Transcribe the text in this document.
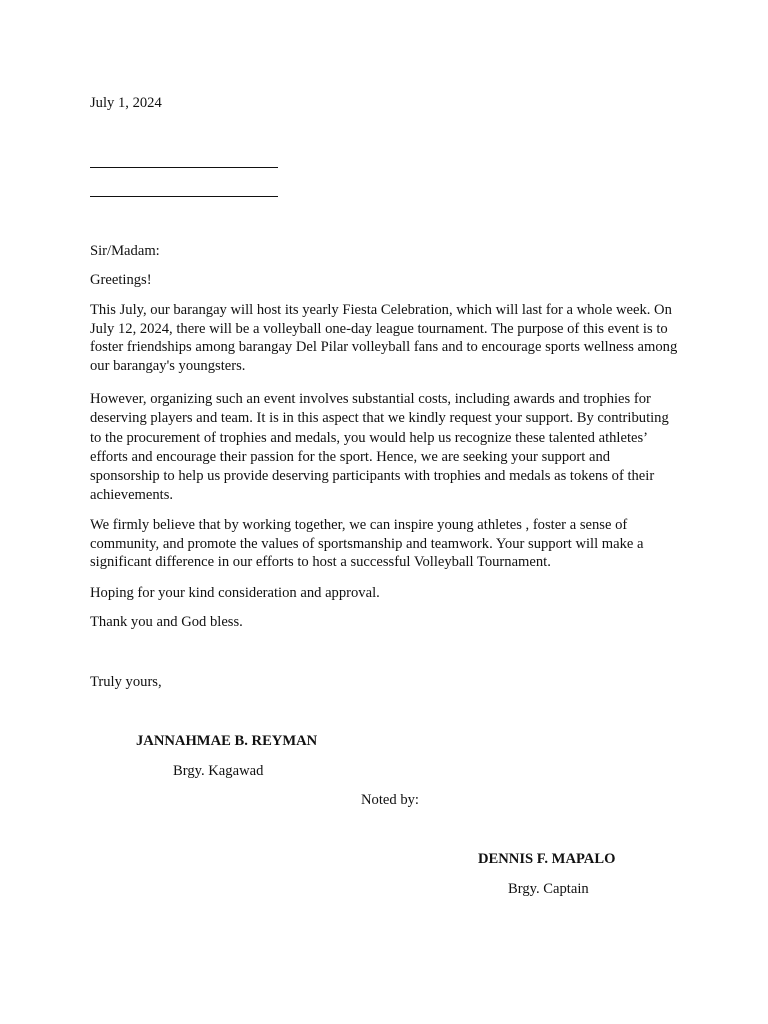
July 1, 2024
Sir/Madam:
Greetings!
This July, our barangay will host its yearly Fiesta Celebration, which will last for a whole week. On July 12, 2024, there will be a volleyball one-day league tournament. The purpose of this event is to foster friendships among barangay Del Pilar volleyball fans and to encourage sports wellness among our barangay's youngsters.
However, organizing such an event involves substantial costs, including awards and trophies for deserving players and team. It is in this aspect that we kindly request your support. By contributing to the procurement of trophies and medals, you would help us recognize these talented athletes’ efforts and encourage their passion for the sport. Hence, we are seeking your support and sponsorship to help us provide deserving participants with trophies and medals as tokens of their achievements.
We firmly believe that by working together, we can inspire young athletes , foster a sense of community, and promote the values of sportsmanship and teamwork. Your support will make a significant difference in our efforts to host a successful Volleyball Tournament.
Hoping for your kind consideration and approval.
Thank you and God bless.
Truly yours,
JANNAHMAE B. REYMAN
Brgy. Kagawad
Noted by:
DENNIS F. MAPALO
Brgy. Captain
